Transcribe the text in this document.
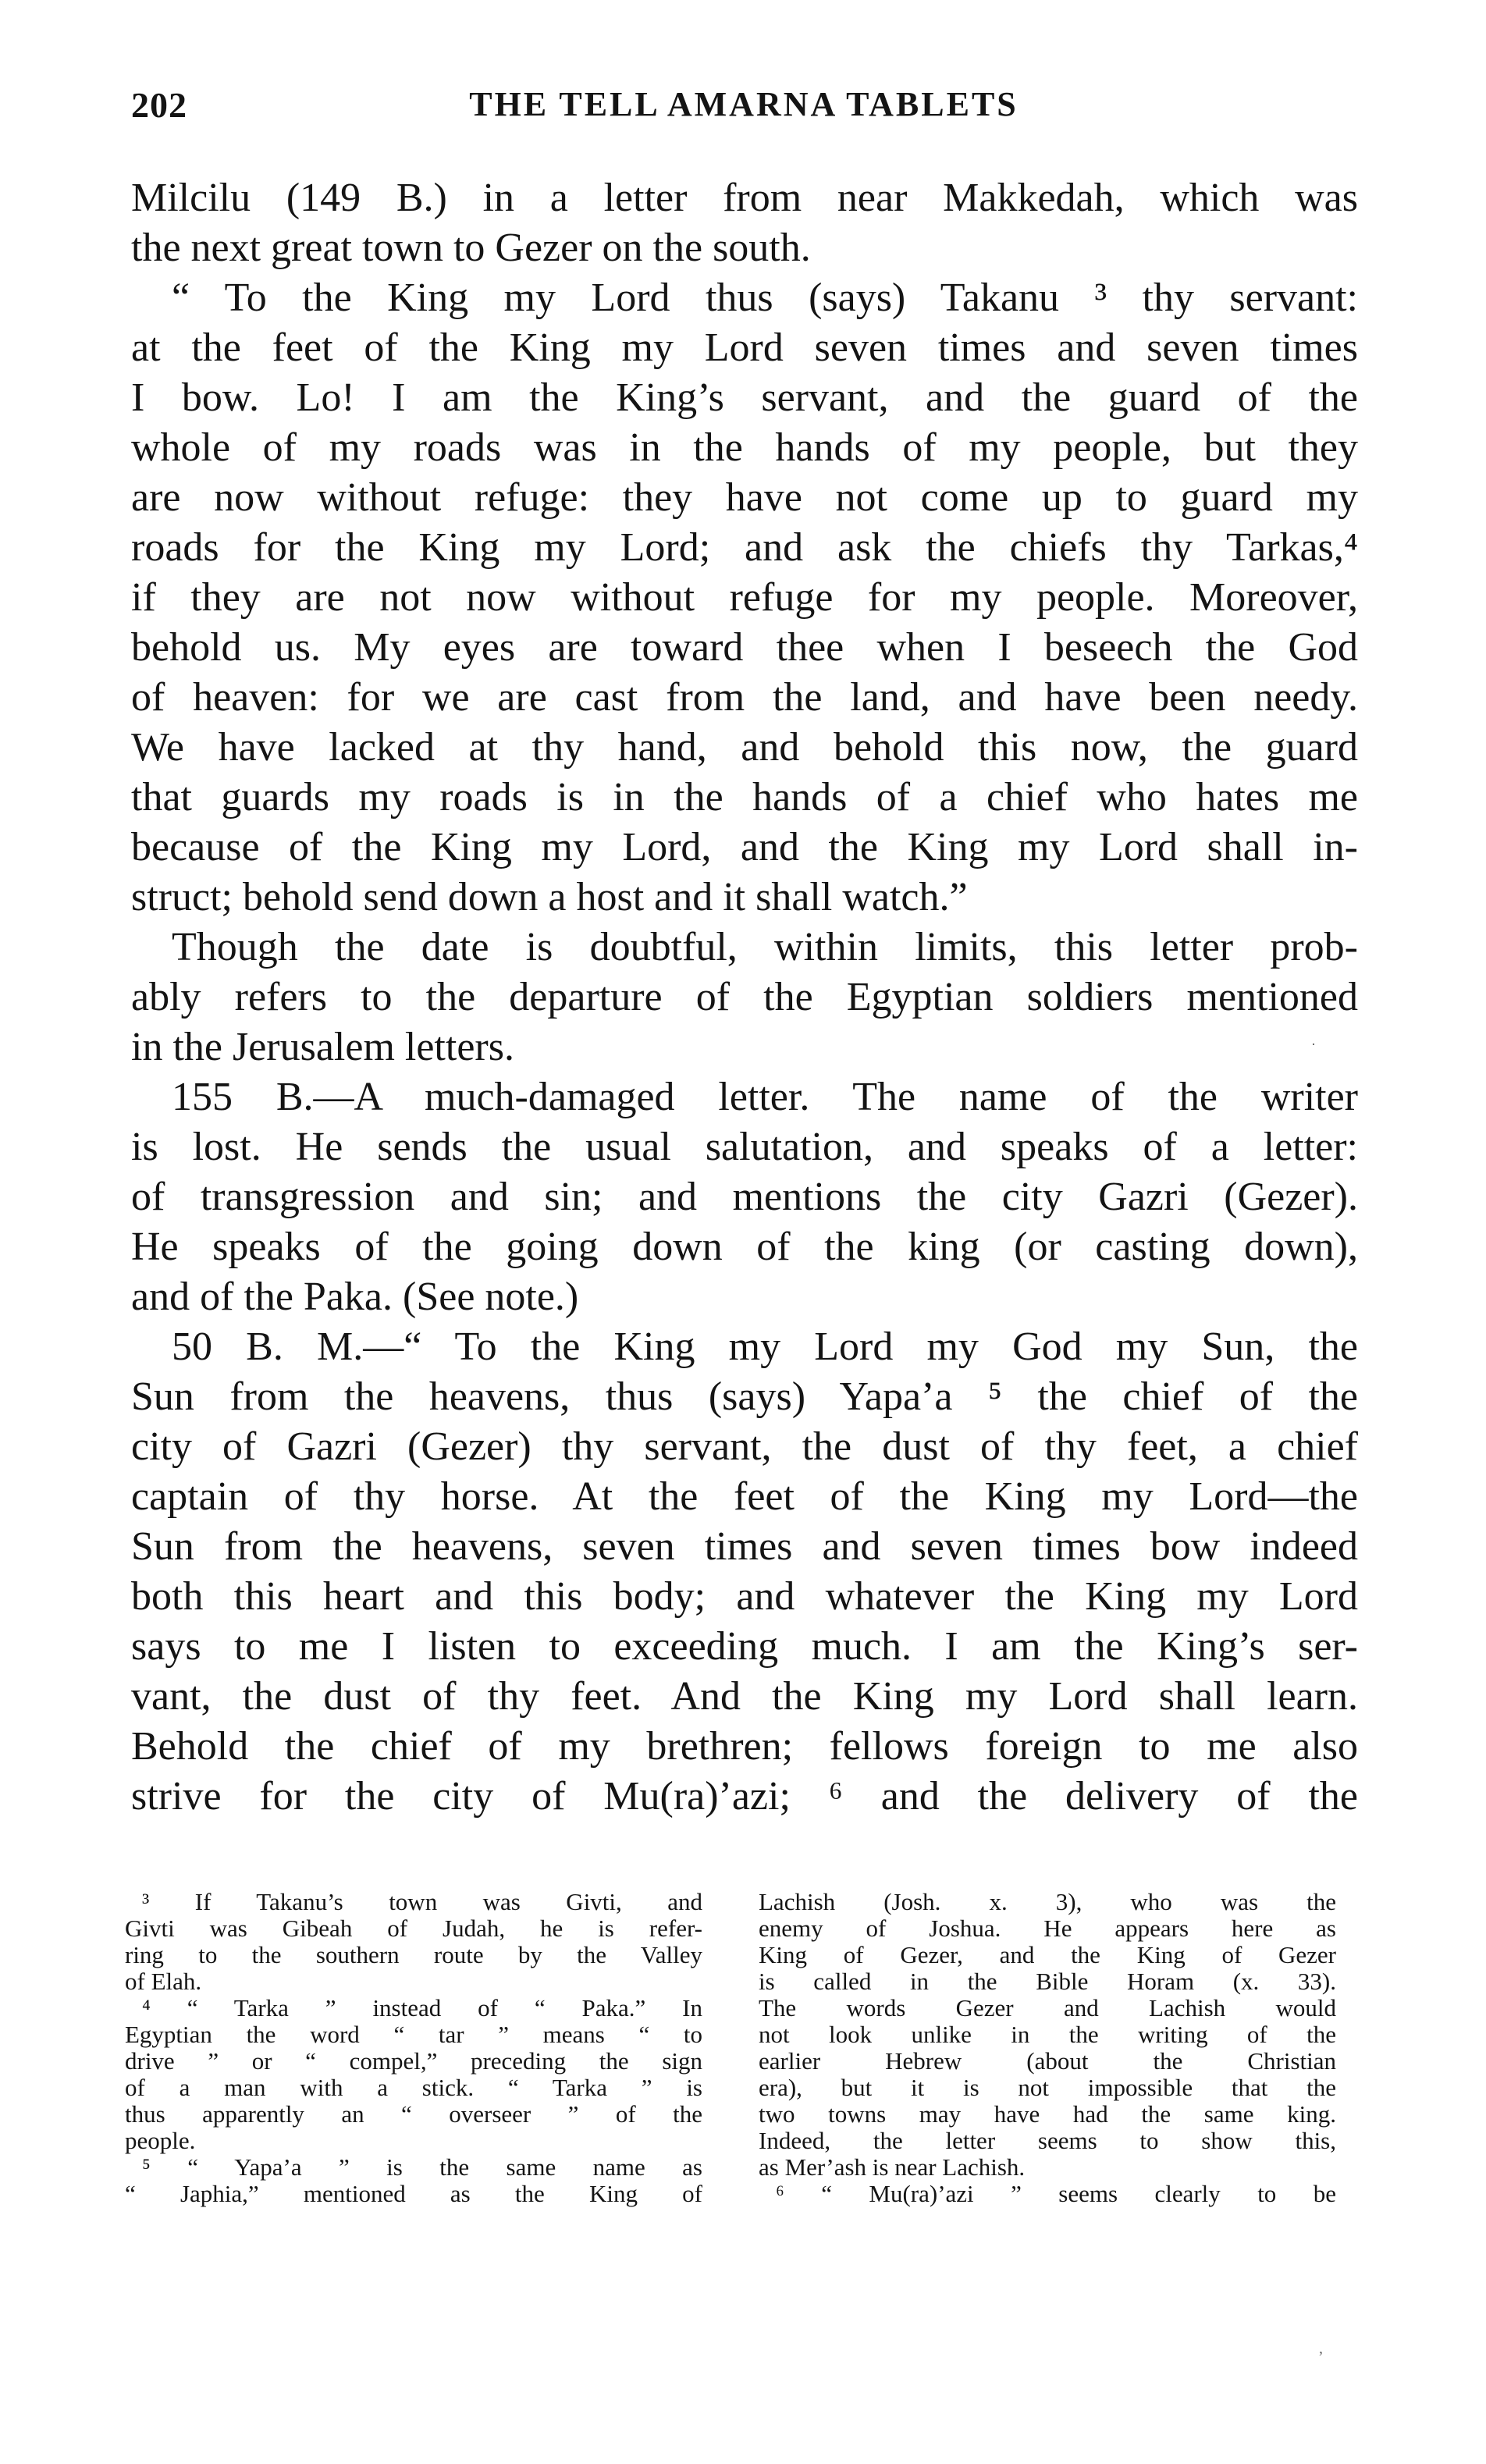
202	THE TELL AMARNA TABLETS
Milcilu (149 B.) in a letter from near Makkedah, which was
the next great town to Gezer on the south.
“ To the King my Lord thus (says) Takanu ³ thy servant:
at the feet of the King my Lord seven times and seven times
I bow. Lo! I am the King’s servant, and the guard of the
whole of my roads was in the hands of my people, but they
are now without refuge: they have not come up to guard my
roads for the King my Lord; and ask the chiefs thy Tarkas,⁴
if they are not now without refuge for my people. Moreover,
behold us. My eyes are toward thee when I beseech the God
of heaven: for we are cast from the land, and have been needy.
We have lacked at thy hand, and behold this now, the guard
that guards my roads is in the hands of a chief who hates me
because of the King my Lord, and the King my Lord shall in-
struct; behold send down a host and it shall watch.”
Though the date is doubtful, within limits, this letter prob-
ably refers to the departure of the Egyptian soldiers mentioned
in the Jerusalem letters.
155 B.—A much-damaged letter. The name of the writer
is lost. He sends the usual salutation, and speaks of a letter:
of transgression and sin; and mentions the city Gazri (Gezer).
He speaks of the going down of the king (or casting down),
and of the Paka. (See note.)
50 B. M.—“ To the King my Lord my God my Sun, the
Sun from the heavens, thus (says) Yapa’a ⁵ the chief of the
city of Gazri (Gezer) thy servant, the dust of thy feet, a chief
captain of thy horse. At the feet of the King my Lord—the
Sun from the heavens, seven times and seven times bow indeed
both this heart and this body; and whatever the King my Lord
says to me I listen to exceeding much. I am the King’s ser-
vant, the dust of thy feet. And the King my Lord shall learn.
Behold the chief of my brethren; fellows foreign to me also
strive for the city of Mu(ra)’azi; ⁶ and the delivery of the
·
³ If Takanu’s town was Givti, and
Givti was Gibeah of Judah, he is refer-
ring to the southern route by the Valley
of Elah.
⁴ “ Tarka ” instead of “ Paka.” In
Egyptian the word “ tar ” means “ to
drive ” or “ compel,” preceding the sign
of a man with a stick. “ Tarka ” is
thus apparently an “ overseer ” of the
people.
⁵ “ Yapa’a ” is the same name as
“ Japhia,” mentioned as the King of
Lachish (Josh. x. 3), who was the
enemy of Joshua. He appears here as
King of Gezer, and the King of Gezer
is called in the Bible Horam (x. 33).
The words Gezer and Lachish would
not look unlike in the writing of the
earlier Hebrew (about the Christian
era), but it is not impossible that the
two towns may have had the same king.
Indeed, the letter seems to show this,
as Mer’ash is near Lachish.
⁶ “ Mu(ra)’azi ” seems clearly to be
,
